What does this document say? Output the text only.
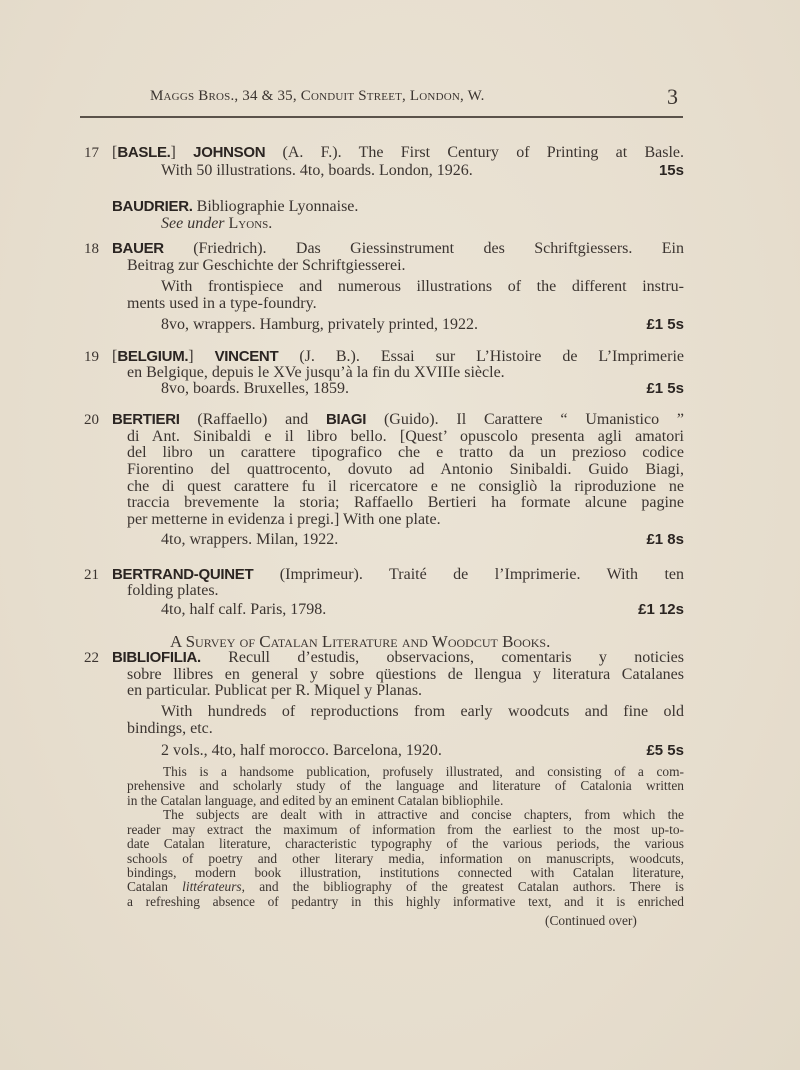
Maggs Bros., 34 & 35, Conduit Street, London, W.	3
17 [BASLE.] JOHNSON (A. F.). The First Century of Printing at Basle.
With 50 illustrations. 4to, boards. London, 1926.	15s
BAUDRIER. Bibliographie Lyonnaise.
See under Lyons.
18 BAUER (Friedrich). Das Giessinstrument des Schriftgiessers. Ein
Beitrag zur Geschichte der Schriftgiesserei.
With frontispiece and numerous illustrations of the different instru-
ments used in a type-foundry.
8vo, wrappers. Hamburg, privately printed, 1922.	£1 5s
19 [BELGIUM.] VINCENT (J. B.). Essai sur L’Histoire de L’Imprimerie
en Belgique, depuis le XVe jusqu’à la fin du XVIIIe siècle.
8vo, boards. Bruxelles, 1859.	£1 5s
20 BERTIERI (Raffaello) and BIAGI (Guido). Il Carattere “ Umanistico ”
di Ant. Sinibaldi e il libro bello. [Quest’ opuscolo presenta agli amatori
del libro un carattere tipografico che e tratto da un prezioso codice
Fiorentino del quattrocento, dovuto ad Antonio Sinibaldi. Guido Biagi,
che di quest carattere fu il ricercatore e ne consigliò la riproduzione ne
traccia brevemente la storia; Raffaello Bertieri ha formate alcune pagine
per metterne in evidenza i pregi.] With one plate.
4to, wrappers. Milan, 1922.	£1 8s
21 BERTRAND-QUINET (Imprimeur). Traité de l’Imprimerie. With ten
folding plates.
4to, half calf. Paris, 1798.	£1 12s
A Survey of Catalan Literature and Woodcut Books.
22 BIBLIOFILIA. Recull d’estudis, observacions, comentaris y noticies
sobre llibres en general y sobre qüestions de llengua y literatura Catalanes
en particular. Publicat per R. Miquel y Planas.
With hundreds of reproductions from early woodcuts and fine old
bindings, etc.
2 vols., 4to, half morocco. Barcelona, 1920.	£5 5s
This is a handsome publication, profusely illustrated, and consisting of a com-
prehensive and scholarly study of the language and literature of Catalonia written
in the Catalan language, and edited by an eminent Catalan bibliophile.
The subjects are dealt with in attractive and concise chapters, from which the
reader may extract the maximum of information from the earliest to the most up-to-
date Catalan literature, characteristic typography of the various periods, the various
schools of poetry and other literary media, information on manuscripts, woodcuts,
bindings, modern book illustration, institutions connected with Catalan literature,
Catalan littérateurs, and the bibliography of the greatest Catalan authors. There is
a refreshing absence of pedantry in this highly informative text, and it is enriched
(Continued over)
